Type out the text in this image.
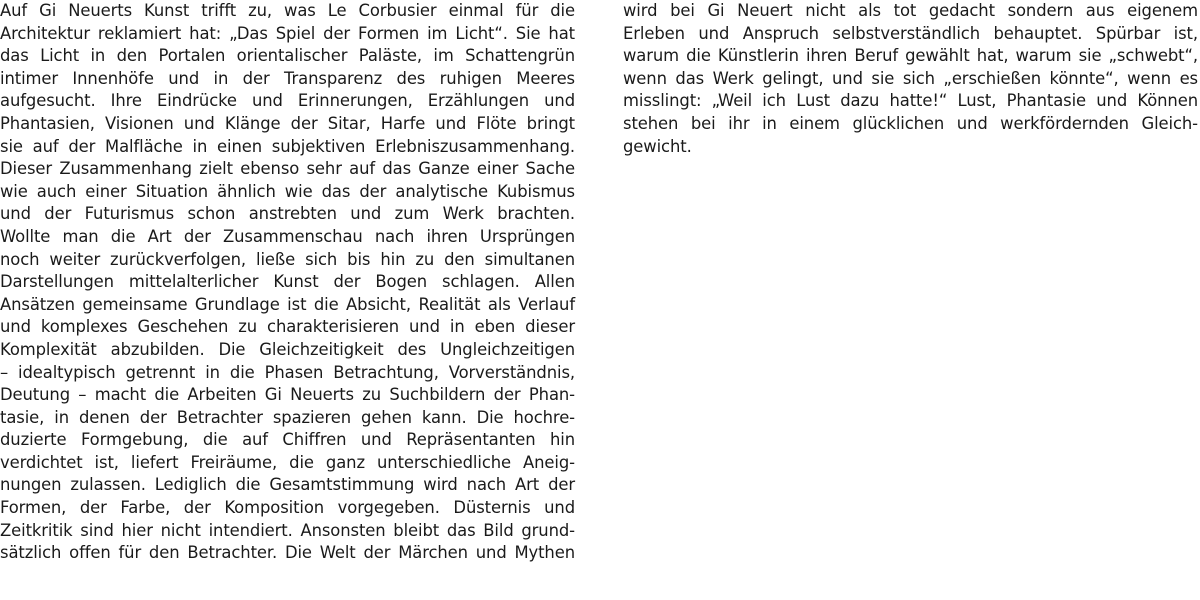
Auf Gi Neuerts Kunst trifft zu, was Le Corbusier einmal für die
Architektur reklamiert hat: „Das Spiel der Formen im Licht“. Sie hat
das Licht in den Portalen orientalischer Paläste, im Schattengrün
intimer Innenhöfe und in der Transparenz des ruhigen Meeres
aufgesucht. Ihre Eindrücke und Erinnerungen, Erzählungen und
Phantasien, Visionen und Klänge der Sitar, Harfe und Flöte bringt
sie auf der Malfläche in einen subjektiven Erlebniszusammenhang.
Dieser Zusammenhang zielt ebenso sehr auf das Ganze einer Sache
wie auch einer Situation ähnlich wie das der analytische Kubismus
und der Futurismus schon anstrebten und zum Werk brachten.
Wollte man die Art der Zusammenschau nach ihren Ursprüngen
noch weiter zurückverfolgen, ließe sich bis hin zu den simultanen
Darstellungen mittelalterlicher Kunst der Bogen schlagen. Allen
Ansätzen gemeinsame Grundlage ist die Absicht, Realität als Verlauf
und komplexes Geschehen zu charakterisieren und in eben dieser
Komplexität abzubilden. Die Gleichzeitigkeit des Ungleichzeitigen
– idealtypisch getrennt in die Phasen Betrachtung, Vorverständnis,
Deutung – macht die Arbeiten Gi Neuerts zu Suchbildern der Phan-
tasie, in denen der Betrachter spazieren gehen kann. Die hochre-
duzierte Formgebung, die auf Chiffren und Repräsentanten hin
verdichtet ist, liefert Freiräume, die ganz unterschiedliche Aneig-
nungen zulassen. Lediglich die Gesamtstimmung wird nach Art der
Formen, der Farbe, der Komposition vorgegeben. Düsternis und
Zeitkritik sind hier nicht intendiert. Ansonsten bleibt das Bild grund-
sätzlich offen für den Betrachter. Die Welt der Märchen und Mythen
wird bei Gi Neuert nicht als tot gedacht sondern aus eigenem
Erleben und Anspruch selbstverständlich behauptet. Spürbar ist,
warum die Künstlerin ihren Beruf gewählt hat, warum sie „schwebt“,
wenn das Werk gelingt, und sie sich „erschießen könnte“, wenn es
misslingt: „Weil ich Lust dazu hatte!“ Lust, Phantasie und Können
stehen bei ihr in einem glücklichen und werkfördernden Gleich-
gewicht.
